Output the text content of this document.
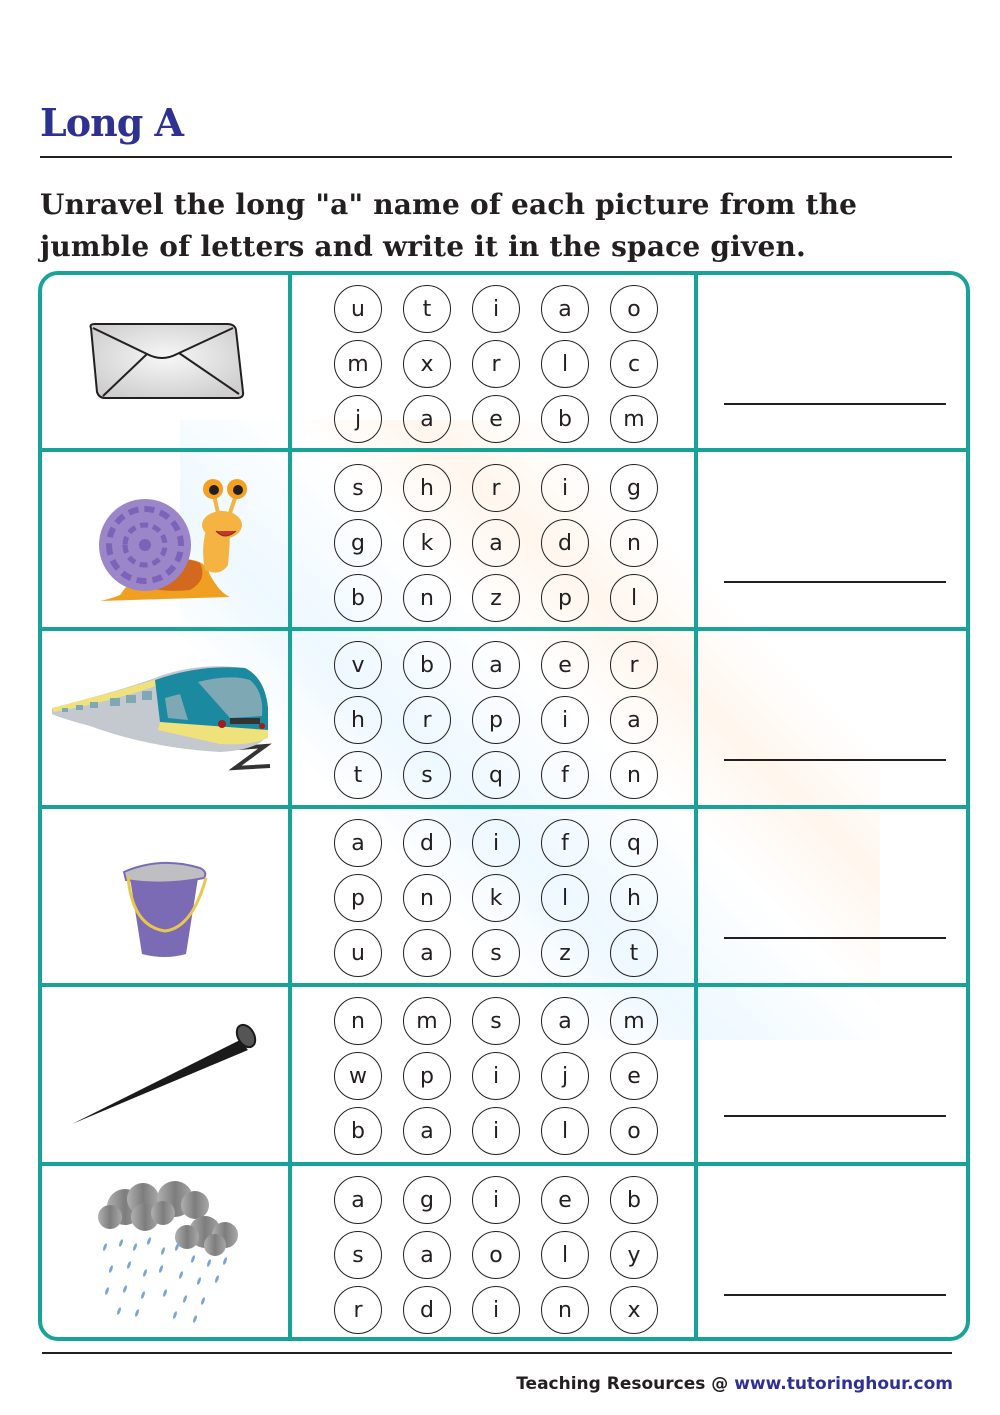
Long A
Unravel the long "a" name of each picture from the
jumble of letters and write it in the space given.
u	t	i	a	o
m	x	r	l	c
j	a	e	b	m
s	h	r	i	g
g	k	a	d	n
b	n	z	p	l
v	b	a	e	r
h	r	p	i	a
t	s	q	f	n
a	d	i	f	q
p	n	k	l	h
u	a	s	z	t
n	m	s	a	m
w	p	i	j	e
b	a	i	l	o
a	g	i	e	b
s	a	o	l	y
r	d	i	n	x
Teaching Resources @ www.tutoringhour.com
